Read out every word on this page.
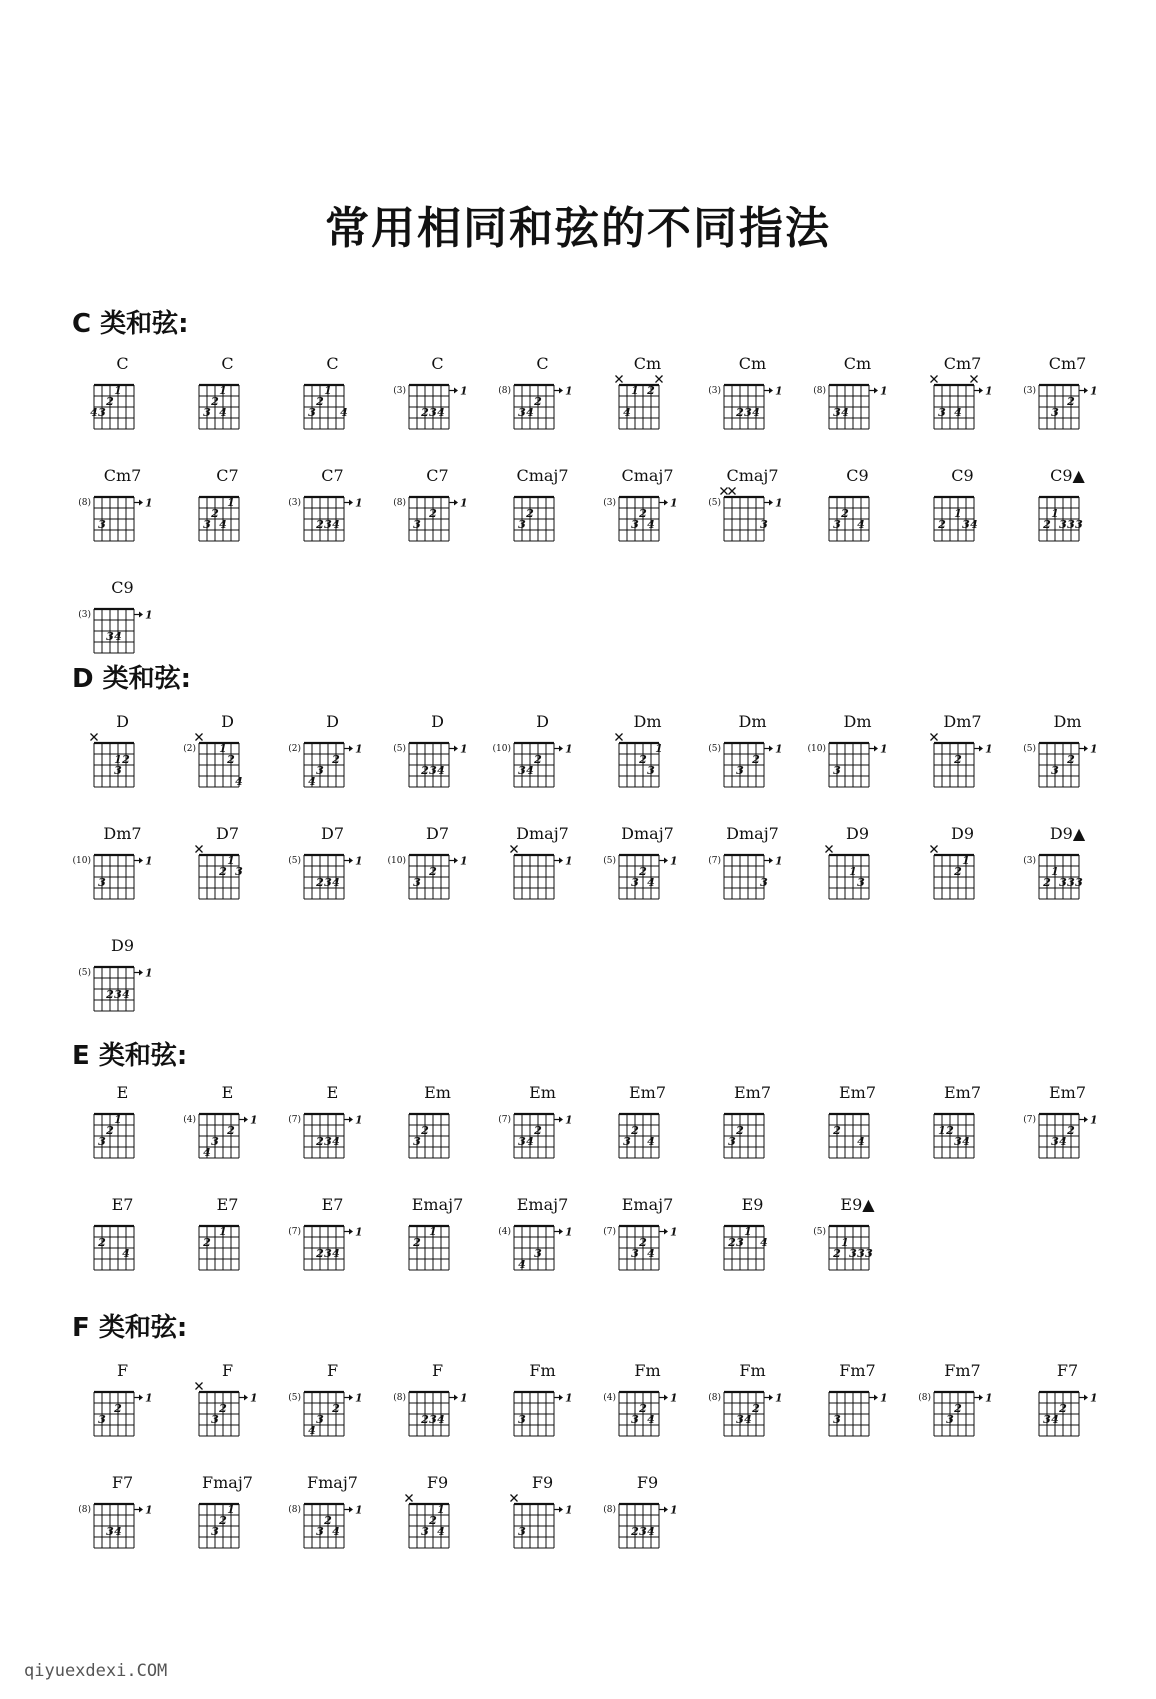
常用相同和弦的不同指法
C 类和弦:
C
1
2
3
4
C
1
2
3 4
C
1
2
3 4
C
(3)	1
2 3 4
C
(8)	1
2
3 4
Cm
1 2
4
Cm
(3)	1
2 3 4
Cm
(8)	1
3 4
Cm7
1
3 4
Cm7
(3)	1
2
3
Cm7
(8)	1
3
C7
1
2
3 4
C7
(3)	1
2 3 4
C7
(8)	1
2
3
Cmaj7
2
3
Cmaj7
(3)	1
2
3 4
Cmaj7
(5)	1
3
C9
2
3 4
C9
1
2 3 4
C9▲
1
2 3 3 3
C9
(3)	1
3 4
D 类和弦:
D
1 2
3
D
(2) 1
2
4
D
(2)	1
2
3
4
D
(5)	1
2 3 4
D
(10)	1
2
3 4
Dm
1
2
3
Dm
(5)	1
2
3
Dm
(10)	1
3
Dm7
1
2
Dm
(5)	1
2
3
Dm7
(10)	1
3
D7
1
2 3
D7
(5)	1
2 3 4
D7
(10)	1
2
3
Dmaj7
1
Dmaj7
(5)	1
2
3 4
Dmaj7
(7)	1
3
D9
1
3
D9
1
2
D9▲
(3)
1
2 3 3 3
D9
(5)	1
2 3 4
E 类和弦:
E
1
2
3
E
(4)	1
2
3
4
E
(7)	1
2 3 4
Em
2
3
Em
(7)	1
2
3 4
Em7
2
3 4
Em7
2
3
Em7
2
4
Em7
1 2
3 4
Em7
(7)	1
2
3 4
E7
2
4
E7
1
2
E7
(7)	1
2 3 4
Emaj7
1
2
Emaj7
(4)	1
3
4
Emaj7
(7)	1
2
3 4
E9
1
2 3 4
E9▲
(5)
1
2 3 3 3
F 类和弦:
F
1
2
3
F
1
2
3
F
(5)	1
2
3
4
F
(8)	1
2 3 4
Fm
1
3
Fm
(4)	1
2
3 4
Fm
(8)	1
2
3 4
Fm7
1
3
Fm7
(8)	1
2
3
F7
1
2
3 4
F7
(8)	1
3 4
Fmaj7
1
2
3
Fmaj7
(8)	1
2
3 4
F9
1
2
3 4
F9
1
3
F9
(8)	1
2 3 4
qiyuexdexi.COM
